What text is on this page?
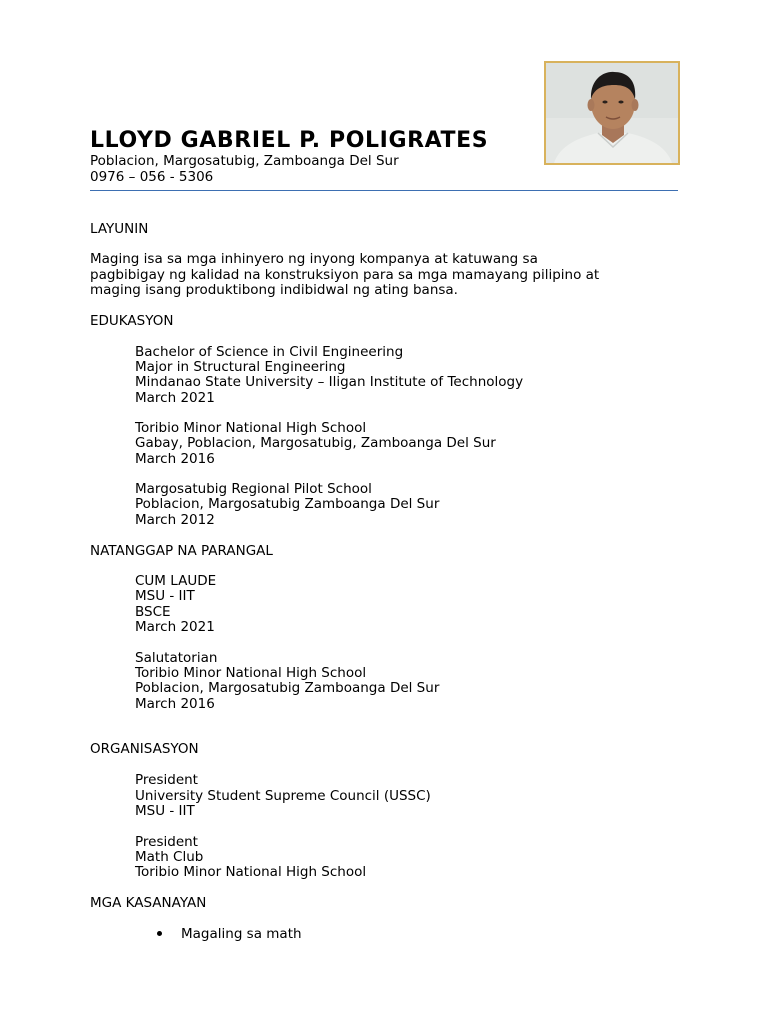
LLOYD GABRIEL P. POLIGRATES
Poblacion, Margosatubig, Zamboanga Del Sur
0976 – 056 - 5306
LAYUNIN
Maging isa sa mga inhinyero ng inyong kompanya at katuwang sa
pagbibigay ng kalidad na konstruksiyon para sa mga mamayang pilipino at
maging isang produktibong indibidwal ng ating bansa.
EDUKASYON
Bachelor of Science in Civil Engineering
Major in Structural Engineering
Mindanao State University – Iligan Institute of Technology
March 2021
Toribio Minor National High School
Gabay, Poblacion, Margosatubig, Zamboanga Del Sur
March 2016
Margosatubig Regional Pilot School
Poblacion, Margosatubig Zamboanga Del Sur
March 2012
NATANGGAP NA PARANGAL
CUM LAUDE
MSU - IIT
BSCE
March 2021
Salutatorian
Toribio Minor National High School
Poblacion, Margosatubig Zamboanga Del Sur
March 2016
ORGANISASYON
President
University Student Supreme Council (USSC)
MSU - IIT
President
Math Club
Toribio Minor National High School
MGA KASANAYAN
Magaling sa math
